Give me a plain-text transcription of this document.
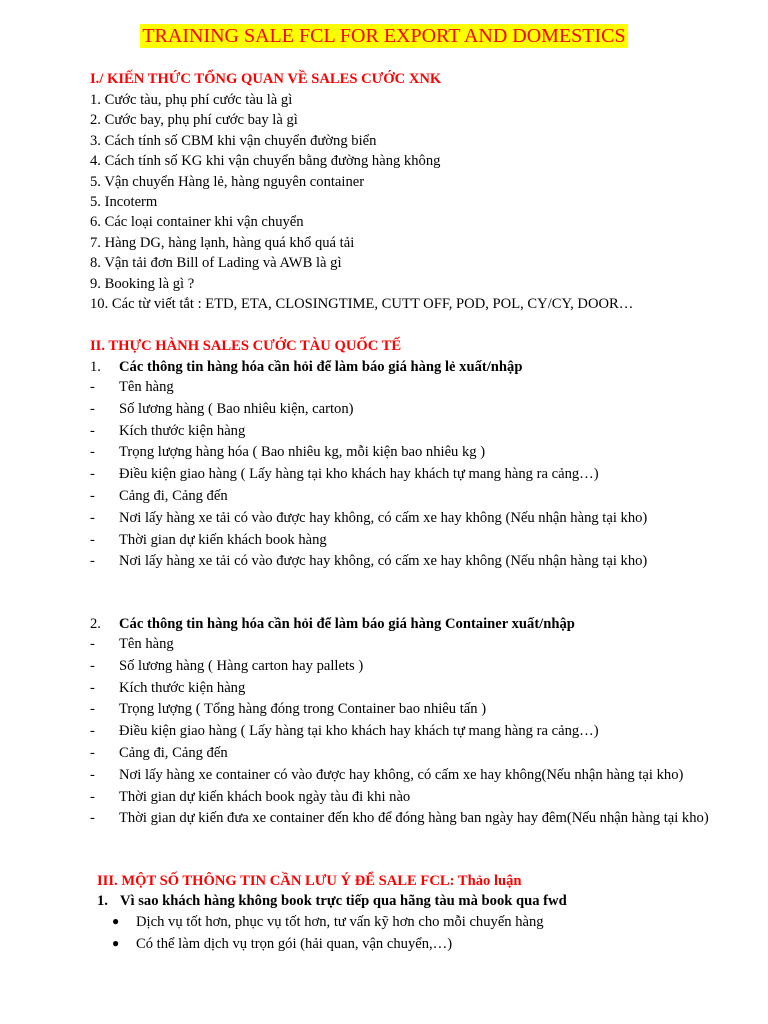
TRAINING SALE FCL FOR EXPORT AND DOMESTICS
I./ KIẾN THỨC TỔNG QUAN VỀ SALES CƯỚC XNK
1. Cước tàu, phụ phí cước tàu là gì
2. Cước bay, phụ phí cước bay là gì
3. Cách tính số CBM khi vận chuyển đường biển
4. Cách tính số KG khi vận chuyển bằng đường hàng không
5. Vận chuyển Hàng lẻ, hàng nguyên container
5. Incoterm
6. Các loại container khi vận chuyển
7. Hàng DG, hàng lạnh, hàng quá khổ quá tải
8. Vận tải đơn Bill of Lading và AWB là gì
9. Booking là gì ?
10. Các từ viết tắt : ETD, ETA, CLOSINGTIME, CUTT OFF, POD, POL, CY/CY, DOOR…
II. THỰC HÀNH SALES CƯỚC TÀU QUỐC TẾ
1. Các thông tin hàng hóa cần hỏi để làm báo giá hàng lẻ xuất/nhập
- Tên hàng
- Số lương hàng ( Bao nhiêu kiện, carton)
- Kích thước kiện hàng
- Trọng lượng hàng hóa ( Bao nhiêu kg, mỗi kiện bao nhiêu kg )
- Điều kiện giao hàng ( Lấy hàng tại kho khách hay khách tự mang hàng ra cảng…)
- Cảng đi, Cảng đến
- Nơi lấy hàng xe tải có vào được hay không, có cấm xe hay không (Nếu nhận hàng tại kho)
- Thời gian dự kiến khách book hàng
- Nơi lấy hàng xe tải có vào được hay không, có cấm xe hay không (Nếu nhận hàng tại kho)
2. Các thông tin hàng hóa cần hỏi để làm báo giá hàng Container xuất/nhập
- Tên hàng
- Số lương hàng ( Hàng carton hay pallets )
- Kích thước kiện hàng
- Trọng lượng ( Tổng hàng đóng trong Container bao nhiêu tấn )
- Điều kiện giao hàng ( Lấy hàng tại kho khách hay khách tự mang hàng ra cảng…)
- Cảng đi, Cảng đến
- Nơi lấy hàng xe container có vào được hay không, có cấm xe hay không(Nếu nhận hàng tại kho)
- Thời gian dự kiến khách book ngày tàu đi khi nào
- Thời gian dự kiến đưa xe container đến kho để đóng hàng ban ngày hay đêm(Nếu nhận hàng tại kho)
III. MỘT SỐ THÔNG TIN CẦN LƯU Ý ĐỂ SALE FCL: Thảo luận
1. Vì sao khách hàng không book trực tiếp qua hãng tàu mà book qua fwd
● Dịch vụ tốt hơn, phục vụ tốt hơn, tư vấn kỹ hơn cho mỗi chuyến hàng
● Có thể làm dịch vụ trọn gói (hải quan, vận chuyển,…)
